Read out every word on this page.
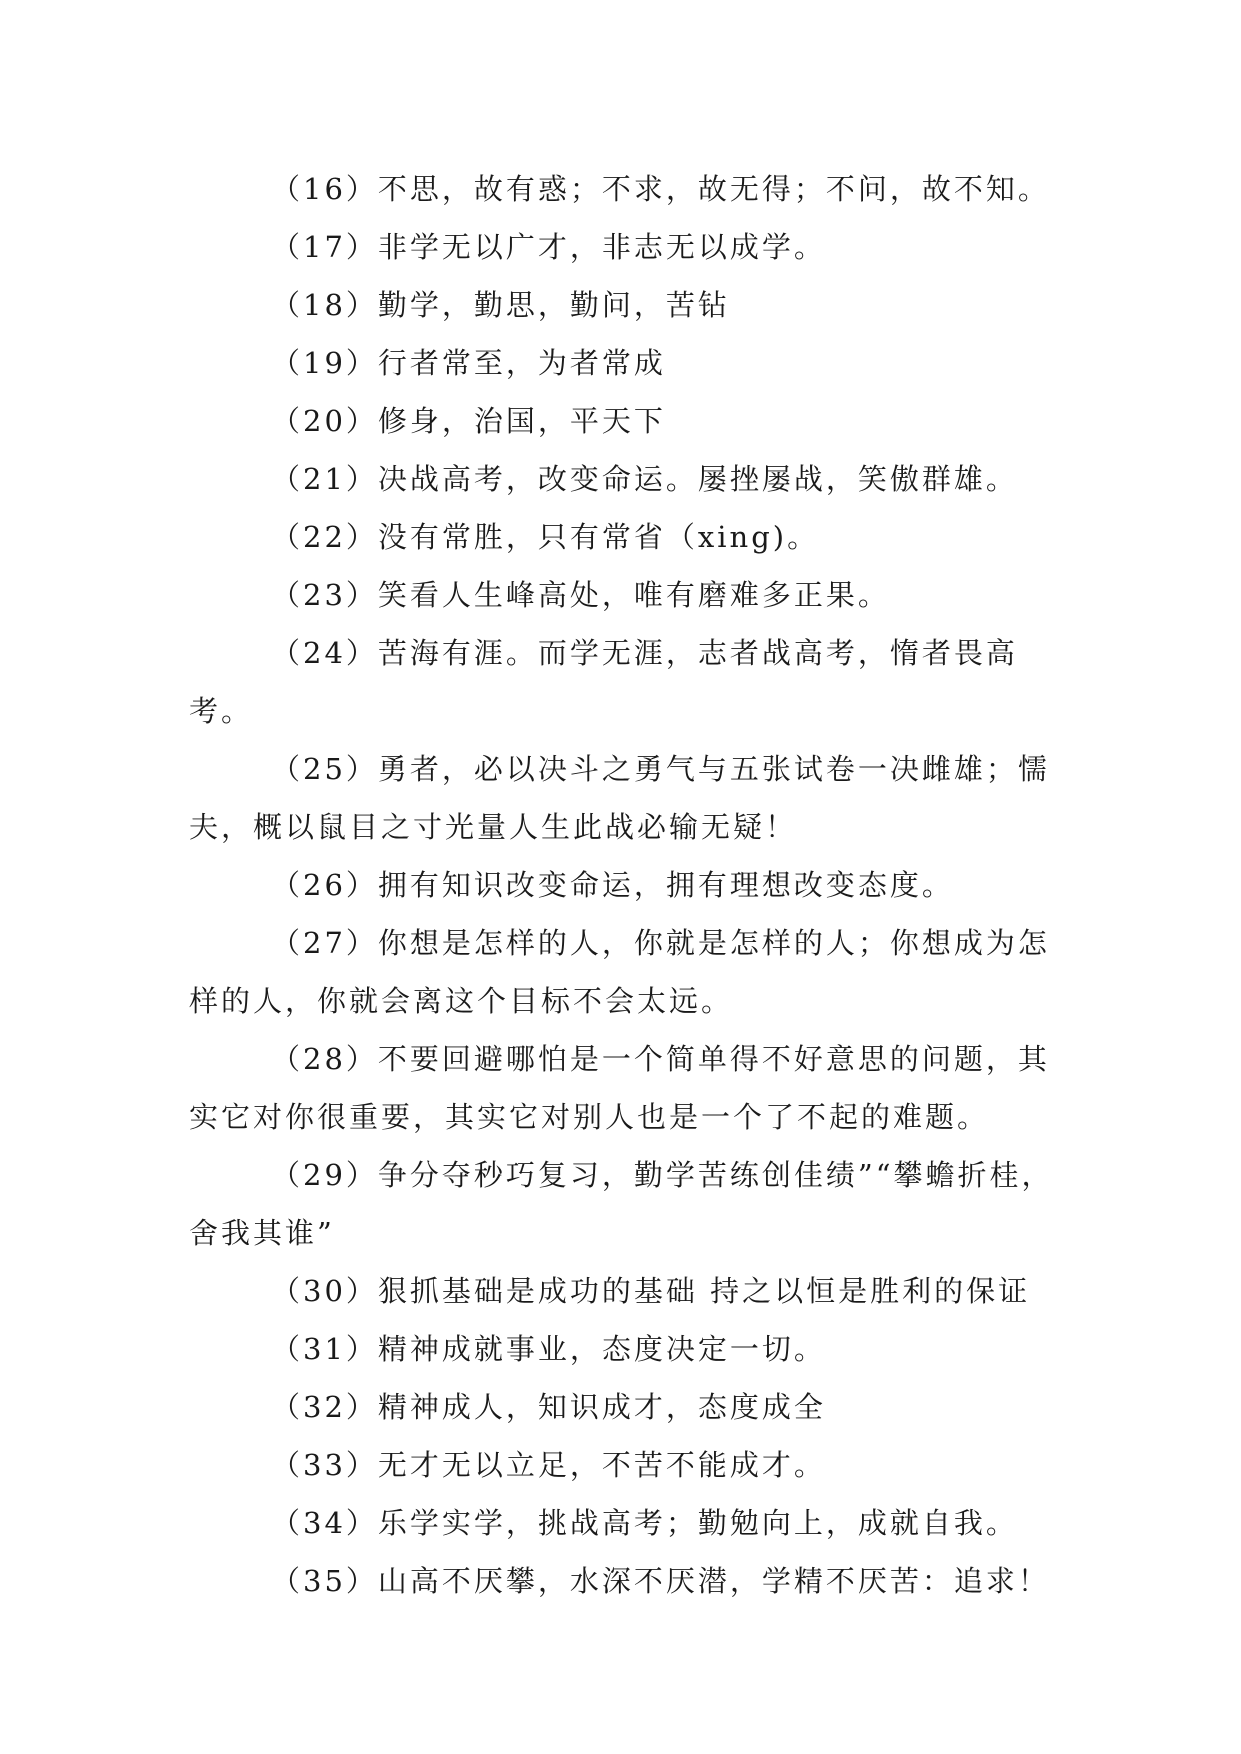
（16）不思，故有惑；不求，故无得；不问，故不知。

（17）非学无以广才，非志无以成学。

（18）勤学，勤思，勤问，苦钻

（19）行者常至，为者常成

（20）修身，治国，平天下

（21）决战高考，改变命运。屡挫屡战，笑傲群雄。

（22）没有常胜，只有常省（xing)。

（23）笑看人生峰高处，唯有磨难多正果。

（24）苦海有涯。而学无涯，志者战高考，惰者畏高考。

（25）勇者，必以决斗之勇气与五张试卷一决雌雄；懦夫，概以鼠目之寸光量人生此战必输无疑！

（26）拥有知识改变命运，拥有理想改变态度。

（27）你想是怎样的人，你就是怎样的人；你想成为怎样的人，你就会离这个目标不会太远。

（28）不要回避哪怕是一个简单得不好意思的问题，其实它对你很重要，其实它对别人也是一个了不起的难题。

（29）争分夺秒巧复习，勤学苦练创佳绩”“攀蟾折桂，舍我其谁”

（30）狠抓基础是成功的基础 持之以恒是胜利的保证

（31）精神成就事业，态度决定一切。

（32）精神成人，知识成才，态度成全

（33）无才无以立足，不苦不能成才。

（34）乐学实学，挑战高考；勤勉向上，成就自我。

（35）山高不厌攀，水深不厌潜，学精不厌苦：追求！
